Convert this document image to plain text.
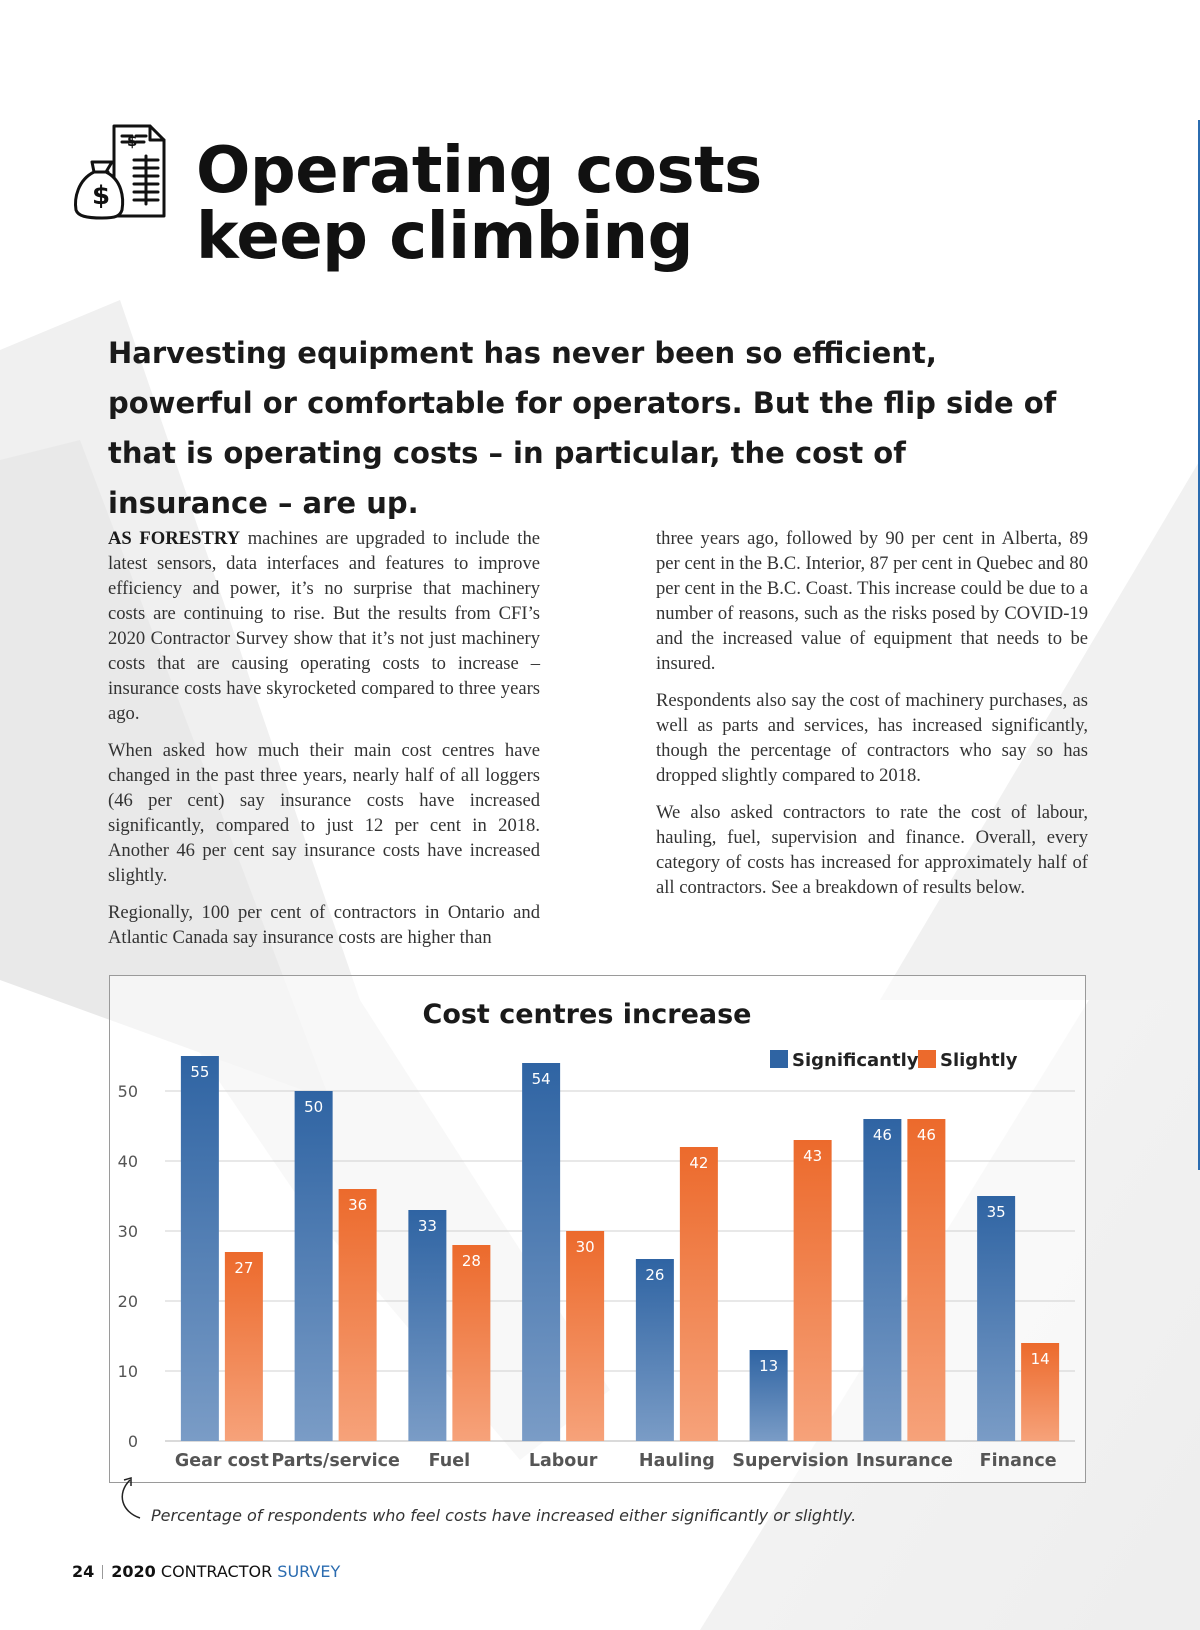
$
$ Operating costs
keep climbing

Harvesting equipment has never been so efficient, powerful or comfortable for operators. But the flip side of that is operating costs – in particular, the cost of insurance – are up.

AS FORESTRY machines are upgraded to include the latest sensors, data interfaces and features to improve efficiency and power, it’s no surprise that machinery costs are continuing to rise. But the results from CFI’s 2020 Contractor Survey show that it’s not just machinery costs that are causing operating costs to increase – insurance costs have skyrocketed compared to three years ago.

When asked how much their main cost centres have changed in the past three years, nearly half of all loggers (46 per cent) say insurance costs have increased significantly, compared to just 12 per cent in 2018. Another 46 per cent say insurance costs have increased slightly.

Regionally, 100 per cent of contractors in Ontario and Atlantic Canada say insurance costs are higher than

three years ago, followed by 90 per cent in Alberta, 89 per cent in the B.C. Interior, 87 per cent in Quebec and 80 per cent in the B.C. Coast. This increase could be due to a number of reasons, such as the risks posed by COVID-19 and the increased value of equipment that needs to be insured.

Respondents also say the cost of machinery purchases, as well as parts and services, has increased significantly, though the percentage of contractors who say so has dropped slightly compared to 2018.

We also asked contractors to rate the cost of labour, hauling, fuel, supervision and finance. Overall, every category of costs has increased for approximately half of all contractors. See a breakdown of results below.

Cost centres increase
0
10
20
30
40
50
Significantly Slightly
55
27
Gear cost
50
36
Parts/service
33
28
Fuel
54
30
Labour
26
42
Hauling
13
43
Supervision
46 46
Insurance
35
14
Finance

Percentage of respondents who feel costs have increased either significantly or slightly.

24 2020 CONTRACTOR SURVEY
